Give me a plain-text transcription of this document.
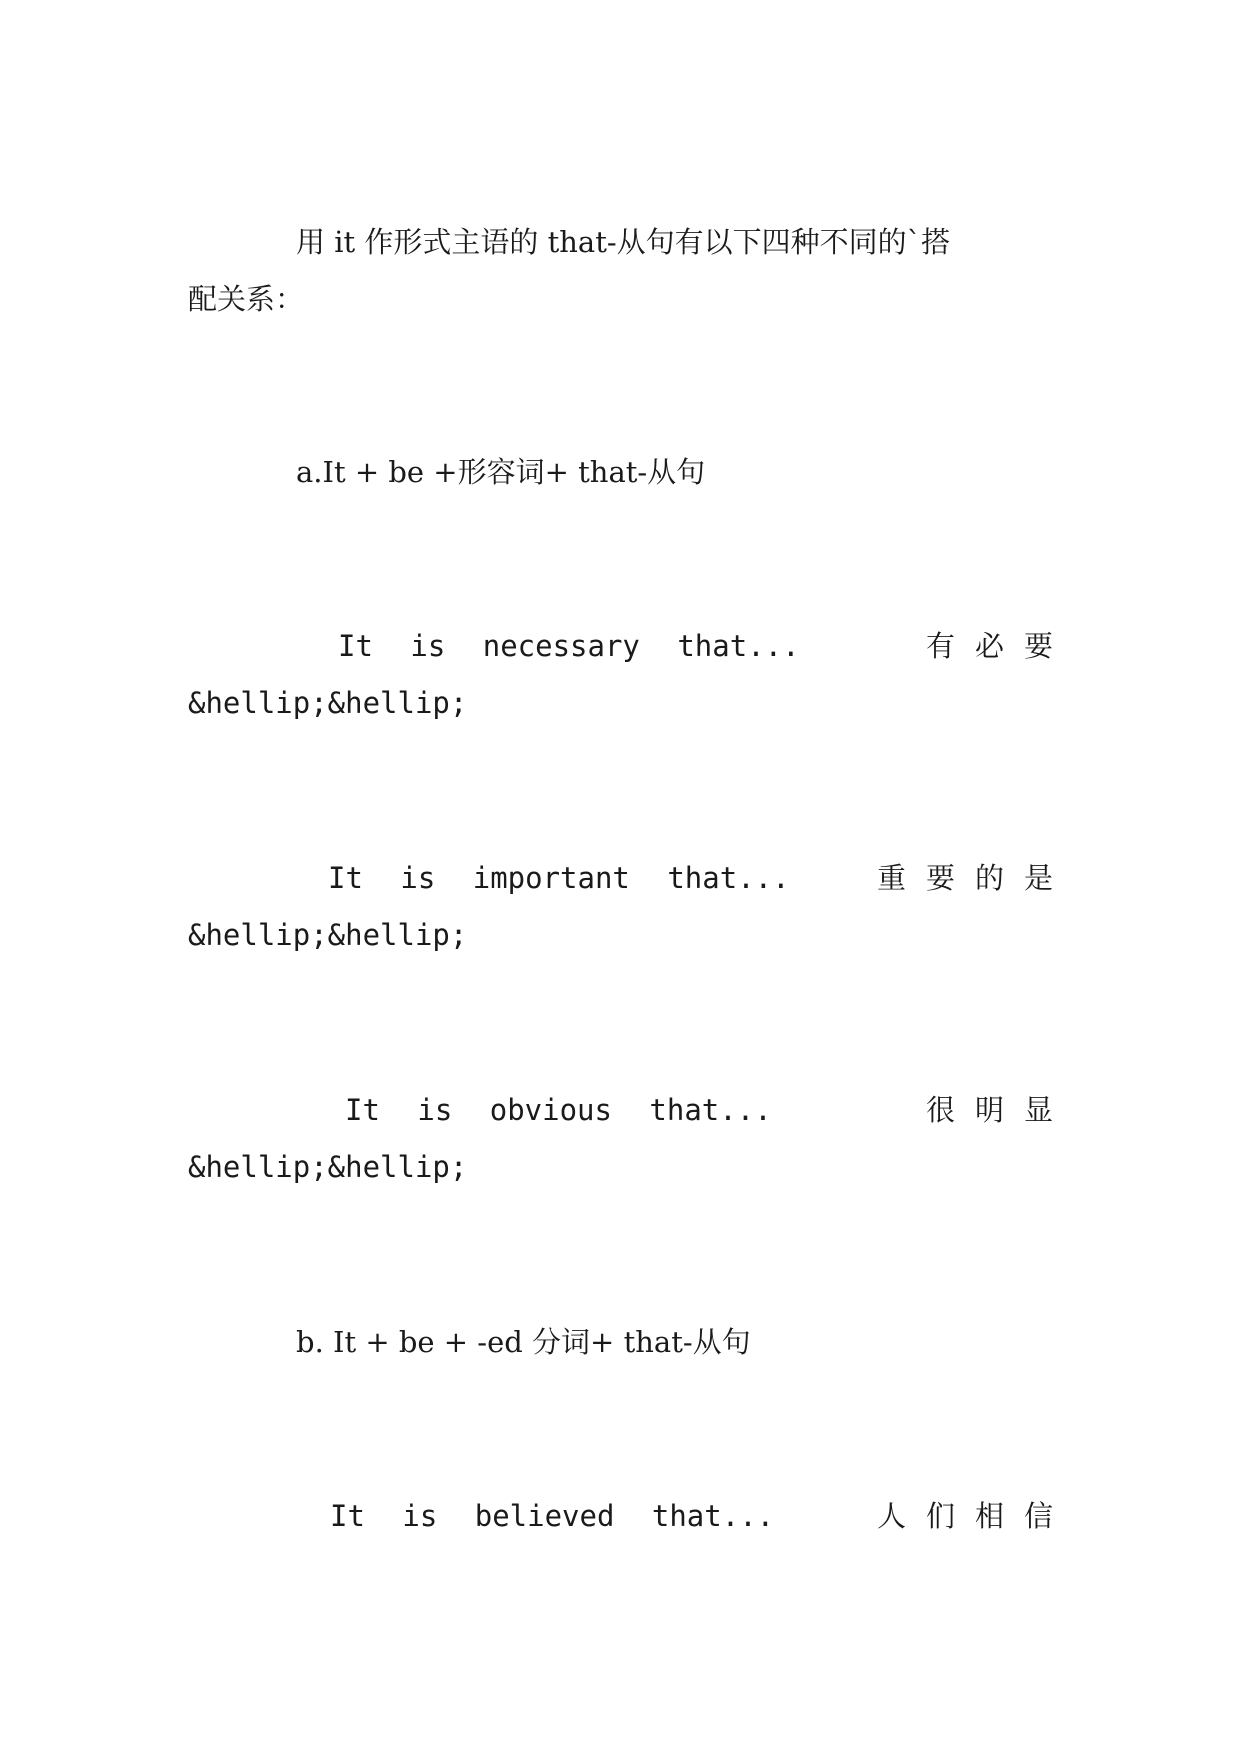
用 it 作形式主语的 that-从句有以下四种不同的`搭
配关系：
a.It + be +形容词+ that-从句
It is necessary that...	有必要
&hellip;&hellip;
It is important that...	重要的是
&hellip;&hellip;
It is obvious that...	很明显
&hellip;&hellip;
b. It + be + -ed 分词+ that-从句
It is believed that...	人们相信
